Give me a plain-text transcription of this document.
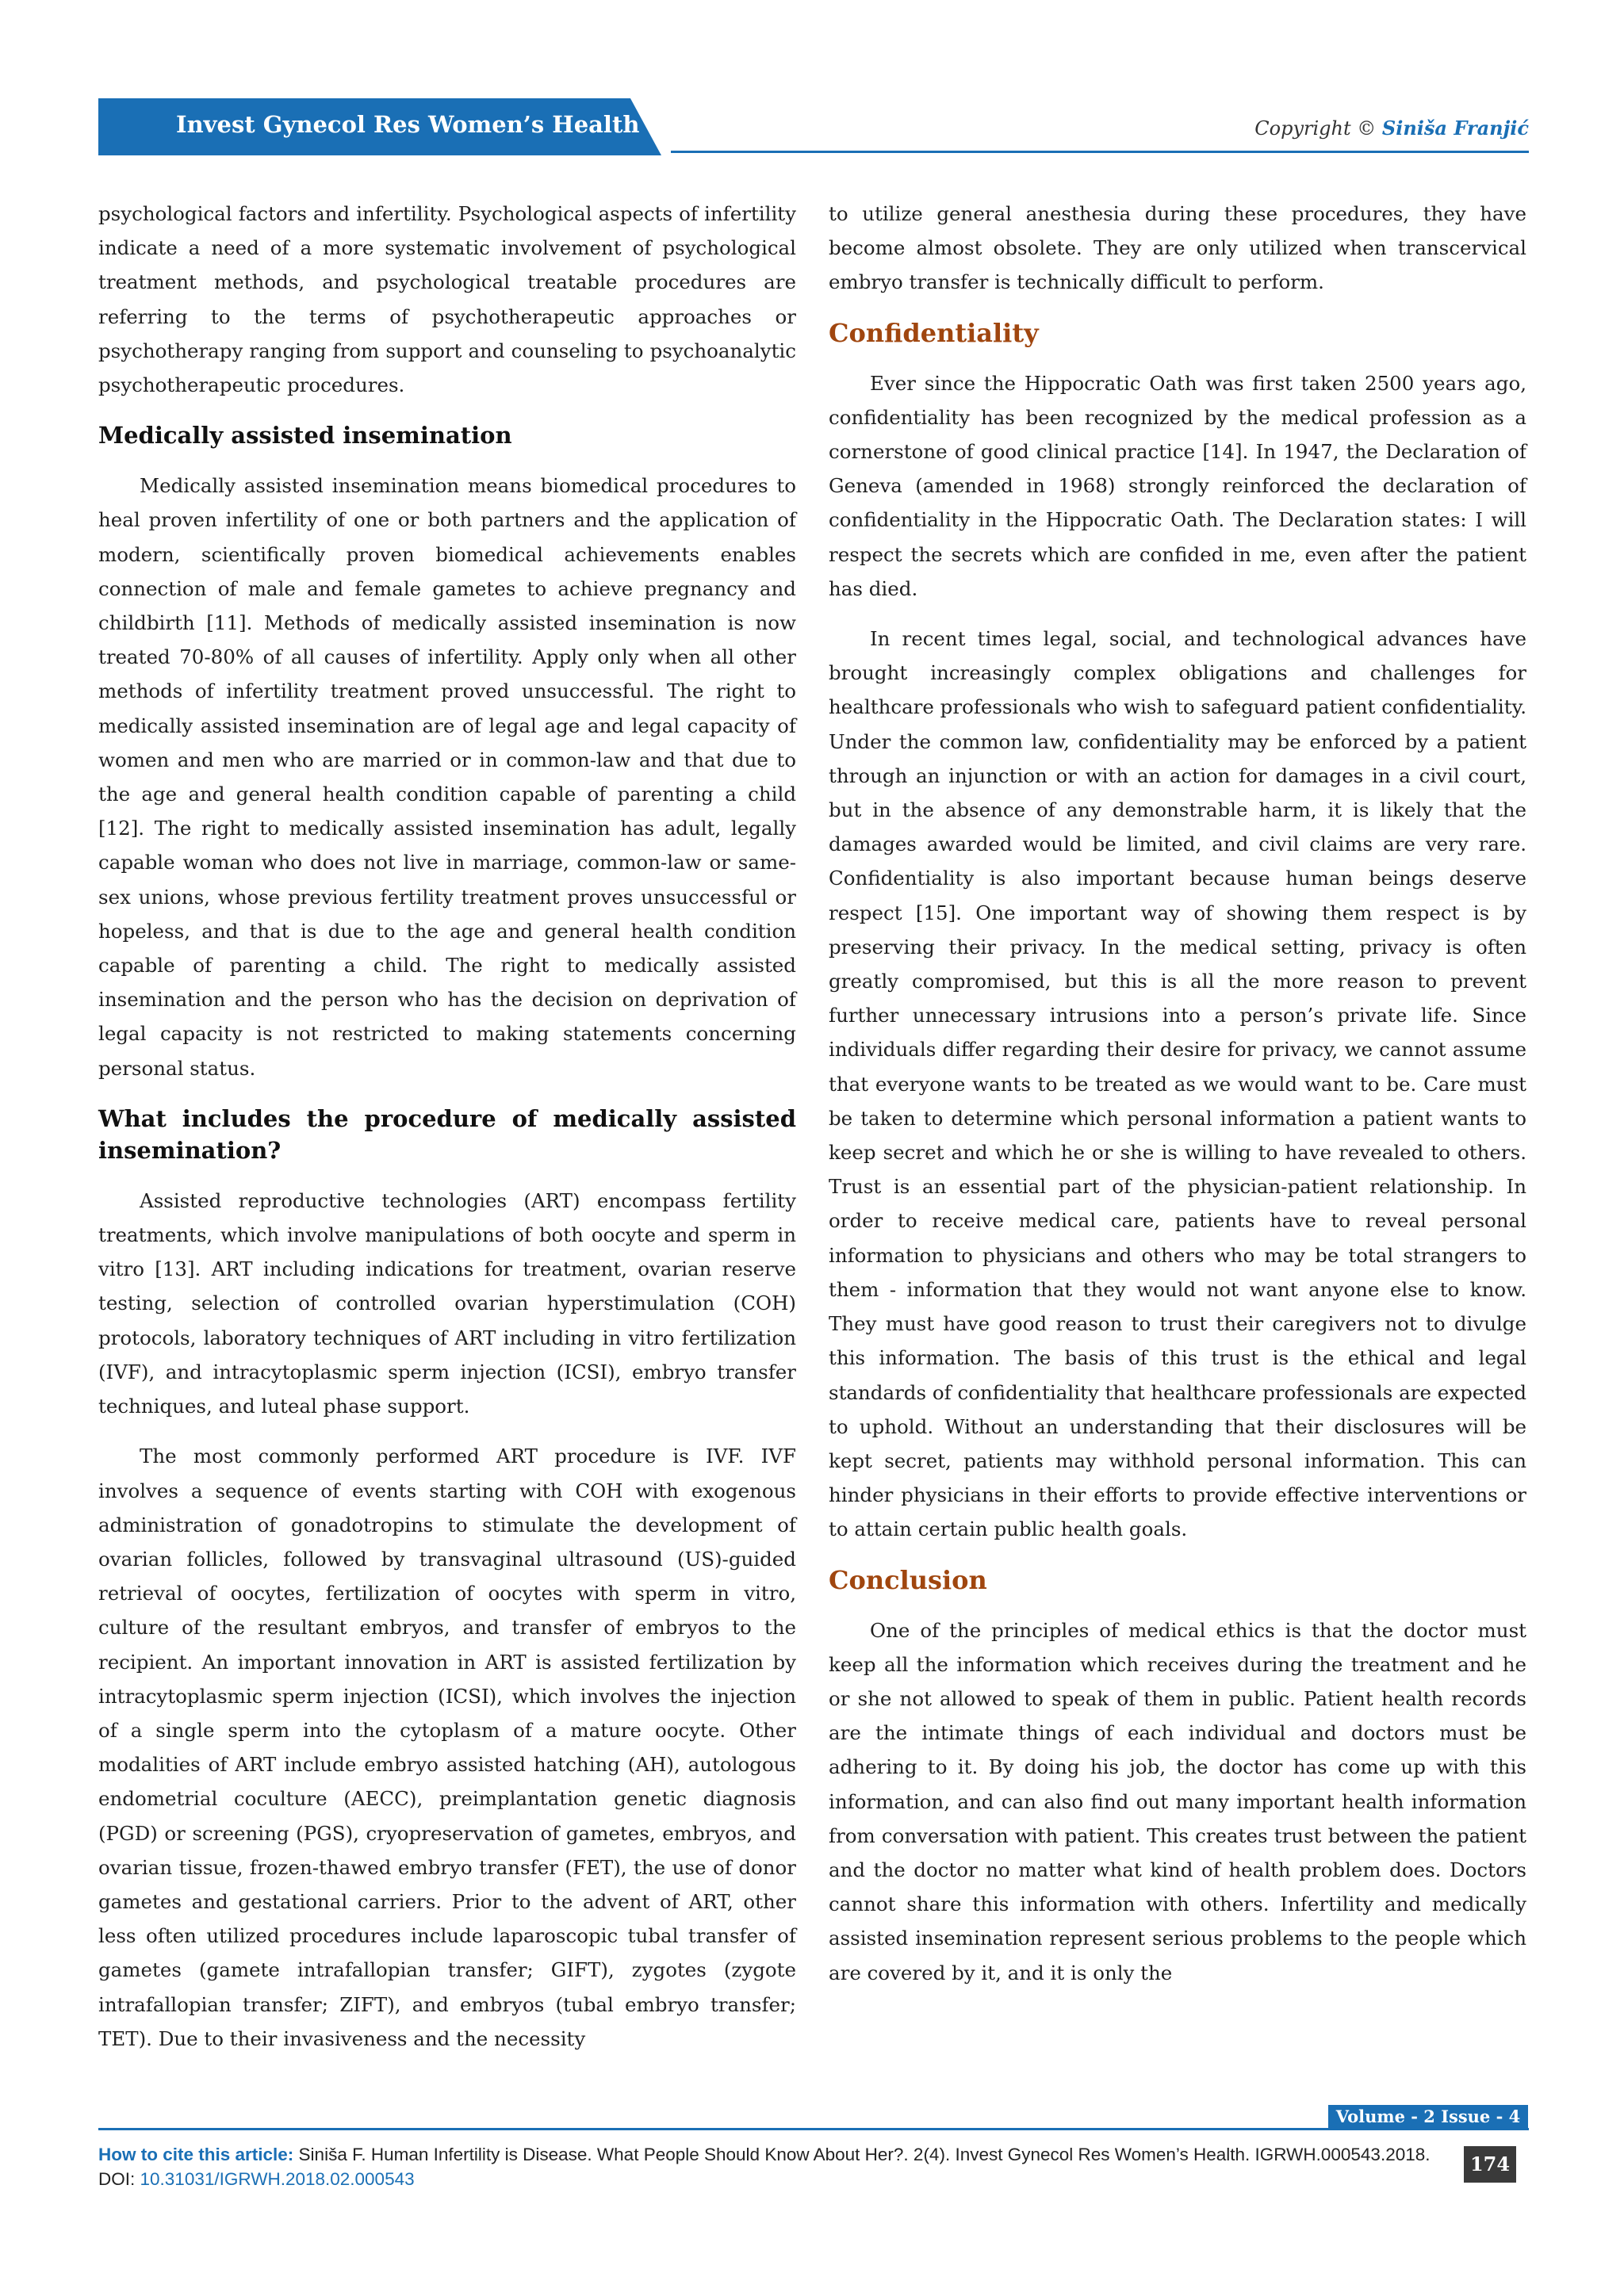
Invest Gynecol Res Women’s Health	Copyright © Siniša Franjić

psychological factors and infertility. Psychological aspects of infertility indicate a need of a more systematic involvement of psychological treatment methods, and psychological treatable procedures are referring to the terms of psychotherapeutic approaches or psychotherapy ranging from support and counseling to psychoanalytic psychotherapeutic procedures.

Medically assisted insemination

Medically assisted insemination means biomedical procedures to heal proven infertility of one or both partners and the application of modern, scientifically proven biomedical achievements enables connection of male and female gametes to achieve pregnancy and childbirth [11]. Methods of medically assisted insemination is now treated 70-80% of all causes of infertility. Apply only when all other methods of infertility treatment proved unsuccessful. The right to medically assisted insemination are of legal age and legal capacity of women and men who are married or in common-law and that due to the age and general health condition capable of parenting a child [12]. The right to medically assisted insemination has adult, legally capable woman who does not live in marriage, common-law or same-sex unions, whose previous fertility treatment proves unsuccessful or hopeless, and that is due to the age and general health condition capable of parenting a child. The right to medically assisted insemination and the person who has the decision on deprivation of legal capacity is not restricted to making statements concerning personal status.

What includes the procedure of medically assisted insemination?

Assisted reproductive technologies (ART) encompass fertility treatments, which involve manipulations of both oocyte and sperm in vitro [13]. ART including indications for treatment, ovarian reserve testing, selection of controlled ovarian hyperstimulation (COH) protocols, laboratory techniques of ART including in vitro fertilization (IVF), and intracytoplasmic sperm injection (ICSI), embryo transfer techniques, and luteal phase support.

The most commonly performed ART procedure is IVF. IVF involves a sequence of events starting with COH with exogenous administration of gonadotropins to stimulate the development of ovarian follicles, followed by transvaginal ultrasound (US)-guided retrieval of oocytes, fertilization of oocytes with sperm in vitro, culture of the resultant embryos, and transfer of embryos to the recipient. An important innovation in ART is assisted fertilization by intracytoplasmic sperm injection (ICSI), which involves the injection of a single sperm into the cytoplasm of a mature oocyte. Other modalities of ART include embryo assisted hatching (AH), autologous endometrial coculture (AECC), preimplantation genetic diagnosis (PGD) or screening (PGS), cryopreservation of gametes, embryos, and ovarian tissue, frozen-thawed embryo transfer (FET), the use of donor gametes and gestational carriers. Prior to the advent of ART, other less often utilized procedures include laparoscopic tubal transfer of gametes (gamete intrafallopian transfer; GIFT), zygotes (zygote intrafallopian transfer; ZIFT), and embryos (tubal embryo transfer; TET). Due to their invasiveness and the necessity

to utilize general anesthesia during these procedures, they have become almost obsolete. They are only utilized when transcervical embryo transfer is technically difficult to perform.

Confidentiality

Ever since the Hippocratic Oath was first taken 2500 years ago, confidentiality has been recognized by the medical profession as a cornerstone of good clinical practice [14]. In 1947, the Declaration of Geneva (amended in 1968) strongly reinforced the declaration of confidentiality in the Hippocratic Oath. The Declaration states: I will respect the secrets which are confided in me, even after the patient has died.

In recent times legal, social, and technological advances have brought increasingly complex obligations and challenges for healthcare professionals who wish to safeguard patient confidentiality. Under the common law, confidentiality may be enforced by a patient through an injunction or with an action for damages in a civil court, but in the absence of any demonstrable harm, it is likely that the damages awarded would be limited, and civil claims are very rare. Confidentiality is also important because human beings deserve respect [15]. One important way of showing them respect is by preserving their privacy. In the medical setting, privacy is often greatly compromised, but this is all the more reason to prevent further unnecessary intrusions into a person’s private life. Since individuals differ regarding their desire for privacy, we cannot assume that everyone wants to be treated as we would want to be. Care must be taken to determine which personal information a patient wants to keep secret and which he or she is willing to have revealed to others. Trust is an essential part of the physician-patient relationship. In order to receive medical care, patients have to reveal personal information to physicians and others who may be total strangers to them - information that they would not want anyone else to know. They must have good reason to trust their caregivers not to divulge this information. The basis of this trust is the ethical and legal standards of confidentiality that healthcare professionals are expected to uphold. Without an understanding that their disclosures will be kept secret, patients may withhold personal information. This can hinder physicians in their efforts to provide effective interventions or to attain certain public health goals.

Conclusion

One of the principles of medical ethics is that the doctor must keep all the information which receives during the treatment and he or she not allowed to speak of them in public. Patient health records are the intimate things of each individual and doctors must be adhering to it. By doing his job, the doctor has come up with this information, and can also find out many important health information from conversation with patient. This creates trust between the patient and the doctor no matter what kind of health problem does. Doctors cannot share this information with others. Infertility and medically assisted insemination represent serious problems to the people which are covered by it, and it is only the

Volume - 2 Issue - 4
How to cite this article: Siniša F. Human Infertility is Disease. What People Should Know About Her?. 2(4). Invest Gynecol Res Women’s Health. IGRWH.000543.2018. DOI: 10.31031/IGRWH.2018.02.000543
174
